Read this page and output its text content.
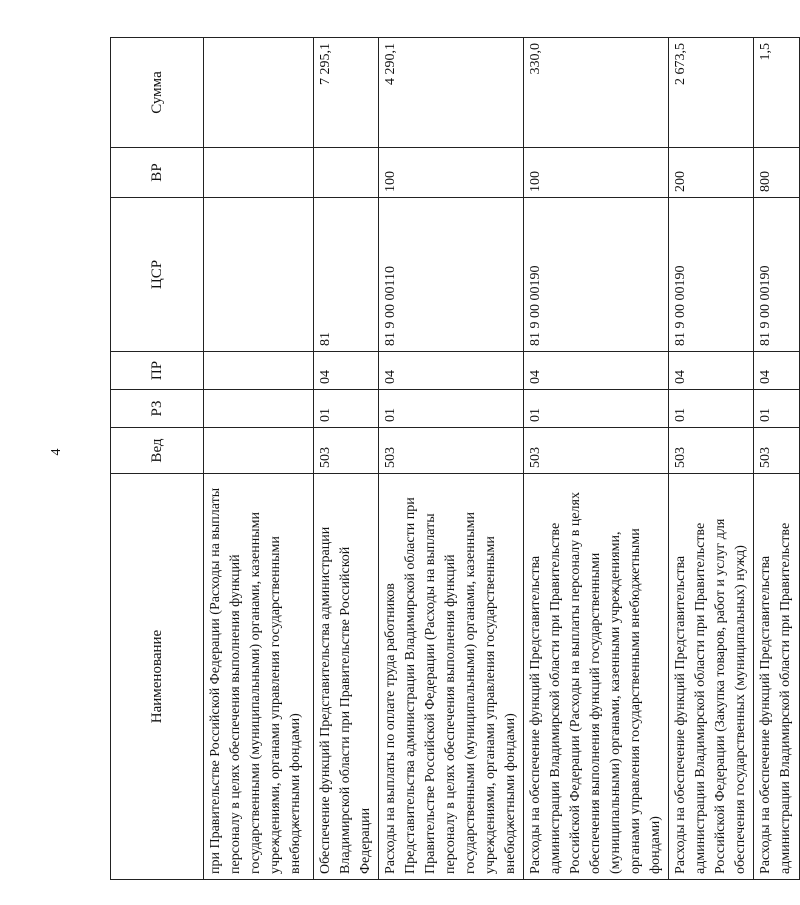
4
Наименование	Вед	РЗ	ПР	ЦСР	ВР	Сумма
при Правительстве Российской Федерации (Расходы на выплаты персоналу в целях обеспечения выполнения функций государственными (муниципальными) органами, казенными учреждениями, органами управления государственными внебюджетными фондами)						
Обеспечение функций Представительства администрации Владимирской области при Правительстве Российской Федерации	503	01	04	81		7 295,1
Расходы на выплаты по оплате труда работников Представительства администрации Владимирской области при Правительстве Российской Федерации (Расходы на выплаты персоналу в целях обеспечения выполнения функций государственными (муниципальными) органами, казенными учреждениями, органами управления государственными внебюджетными фондами)	503	01	04	81 9 00 00110	100	4 290,1
Расходы на обеспечение функций Представительства администрации Владимирской области при Правительстве Российской Федерации (Расходы на выплаты персоналу в целях обеспечения выполнения функций государственными (муниципальными) органами, казенными учреждениями, органами управления государственными внебюджетными фондами)	503	01	04	81 9 00 00190	100	330,0
Расходы на обеспечение функций Представительства администрации Владимирской области при Правительстве Российской Федерации (Закупка товаров, работ и услуг для обеспечения государственных (муниципальных) нужд)	503	01	04	81 9 00 00190	200	2 673,5
Расходы на обеспечение функций Представительства администрации Владимирской области при Правительстве	503	01	04	81 9 00 00190	800	1,5
